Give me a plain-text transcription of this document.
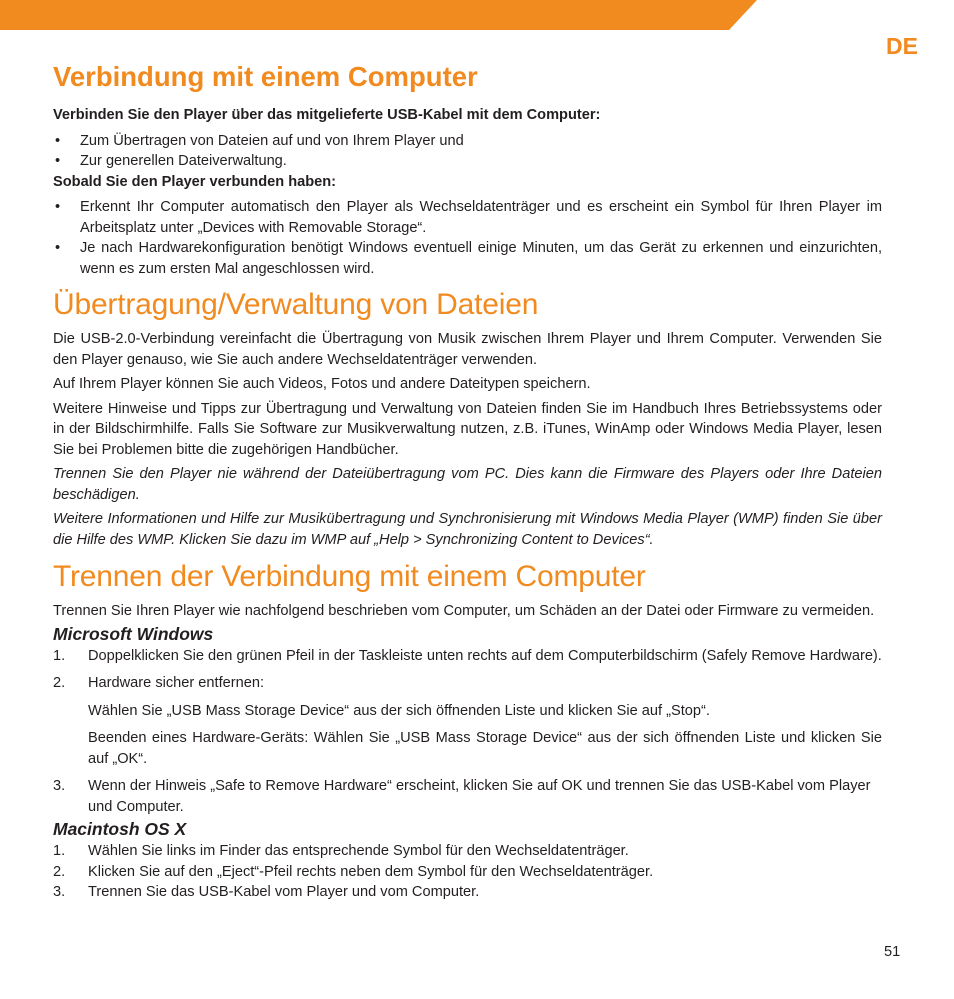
DE
Verbindung mit einem Computer

Verbinden Sie den Player über das mitgelieferte USB-Kabel mit dem Computer:

• Zum Übertragen von Dateien auf und von Ihrem Player und
• Zur generellen Dateiverwaltung.

Sobald Sie den Player verbunden haben:

• Erkennt Ihr Computer automatisch den Player als Wechseldatenträger und es erscheint ein Symbol für Ihren Player im Arbeitsplatz unter „Devices with Removable Storage“.
• Je nach Hardwarekonfiguration benötigt Windows eventuell einige Minuten, um das Gerät zu erkennen und einzurichten, wenn es zum ersten Mal angeschlossen wird.
Übertragung/Verwaltung von Dateien

Die USB-2.0-Verbindung vereinfacht die Übertragung von Musik zwischen Ihrem Player und Ihrem Computer. Verwenden Sie den Player genauso, wie Sie auch andere Wechseldatenträger verwenden.

Auf Ihrem Player können Sie auch Videos, Fotos und andere Dateitypen speichern.

Weitere Hinweise und Tipps zur Übertragung und Verwaltung von Dateien finden Sie im Handbuch Ihres Betriebssystems oder in der Bildschirmhilfe. Falls Sie Software zur Musikverwaltung nutzen, z.B. iTunes, WinAmp oder Windows Media Player, lesen Sie bei Problemen bitte die zugehörigen Handbücher.

Trennen Sie den Player nie während der Dateiübertragung vom PC. Dies kann die Firmware des Players oder Ihre Dateien beschädigen.

Weitere Informationen und Hilfe zur Musikübertragung und Synchronisierung mit Windows Media Player (WMP) finden Sie über die Hilfe des WMP. Klicken Sie dazu im WMP auf „Help > Synchronizing Content to Devices“.

Trennen der Verbindung mit einem Computer

Trennen Sie Ihren Player wie nachfolgend beschrieben vom Computer, um Schäden an der Datei oder Firmware zu vermeiden.

Microsoft Windows
1. Doppelklicken Sie den grünen Pfeil in der Taskleiste unten rechts auf dem Computerbildschirm (Safely Remove Hardware).
2. Hardware sicher entfernen:

Wählen Sie „USB Mass Storage Device“ aus der sich öffnenden Liste und klicken Sie auf „Stop“.

Beenden eines Hardware-Geräts: Wählen Sie „USB Mass Storage Device“ aus der sich öffnenden Liste und klicken Sie auf „OK“.

3. Wenn der Hinweis „Safe to Remove Hardware“ erscheint, klicken Sie auf OK und trennen Sie das USB-Kabel vom Player und Computer.
Macintosh OS X
1. Wählen Sie links im Finder das entsprechende Symbol für den Wechseldatenträger.
2. Klicken Sie auf den „Eject“-Pfeil rechts neben dem Symbol für den Wechseldatenträger.
3. Trennen Sie das USB-Kabel vom Player und vom Computer.
51
